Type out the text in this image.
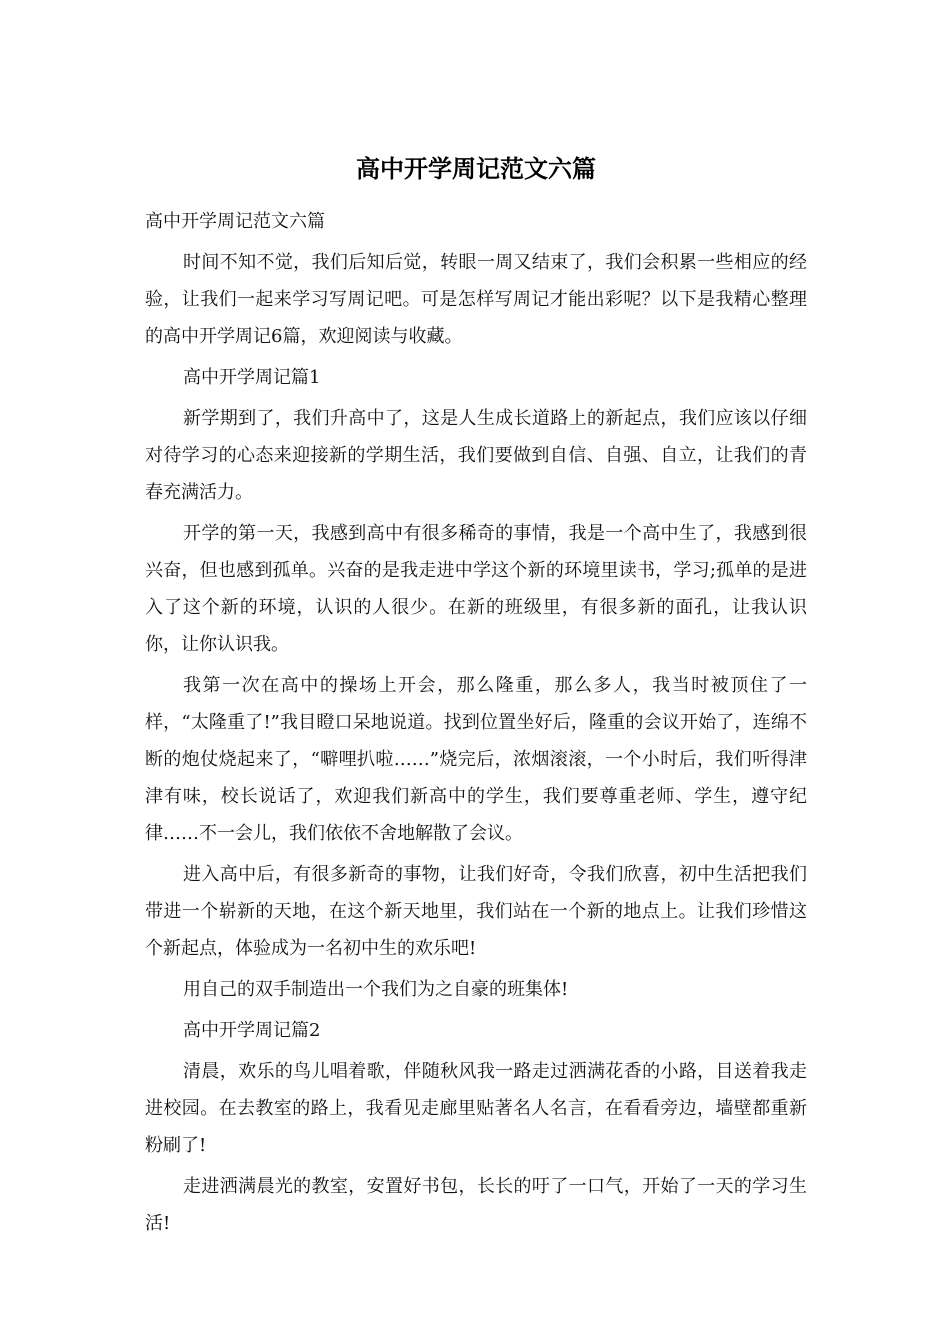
高中开学周记范文六篇

高中开学周记范文六篇

时间不知不觉，我们后知后觉，转眼一周又结束了，我们会积累一些相应的经验，让我们一起来学习写周记吧。可是怎样写周记才能出彩呢？以下是我精心整理的高中开学周记6篇，欢迎阅读与收藏。

高中开学周记篇1

新学期到了，我们升高中了，这是人生成长道路上的新起点，我们应该以仔细对待学习的心态来迎接新的学期生活，我们要做到自信、自强、自立，让我们的青春充满活力。

开学的第一天，我感到高中有很多稀奇的事情，我是一个高中生了，我感到很兴奋，但也感到孤单。兴奋的是我走进中学这个新的环境里读书，学习;孤单的是进入了这个新的环境，认识的人很少。在新的班级里，有很多新的面孔，让我认识你，让你认识我。

我第一次在高中的操场上开会，那么隆重，那么多人，我当时被顶住了一样，“太隆重了!”我目瞪口呆地说道。找到位置坐好后，隆重的会议开始了，连绵不断的炮仗烧起来了，“噼哩扒啦……”烧完后，浓烟滚滚，一个小时后，我们听得津津有味，校长说话了，欢迎我们新高中的学生，我们要尊重老师、学生，遵守纪律……不一会儿，我们依依不舍地解散了会议。

进入高中后，有很多新奇的事物，让我们好奇，令我们欣喜，初中生活把我们带进一个崭新的天地，在这个新天地里，我们站在一个新的地点上。让我们珍惜这个新起点，体验成为一名初中生的欢乐吧!

用自己的双手制造出一个我们为之自豪的班集体!

高中开学周记篇2

清晨，欢乐的鸟儿唱着歌，伴随秋风我一路走过洒满花香的小路，目送着我走进校园。在去教室的路上，我看见走廊里贴著名人名言，在看看旁边，墙壁都重新粉刷了!

走进洒满晨光的教室，安置好书包，长长的吁了一口气，开始了一天的学习生活!
